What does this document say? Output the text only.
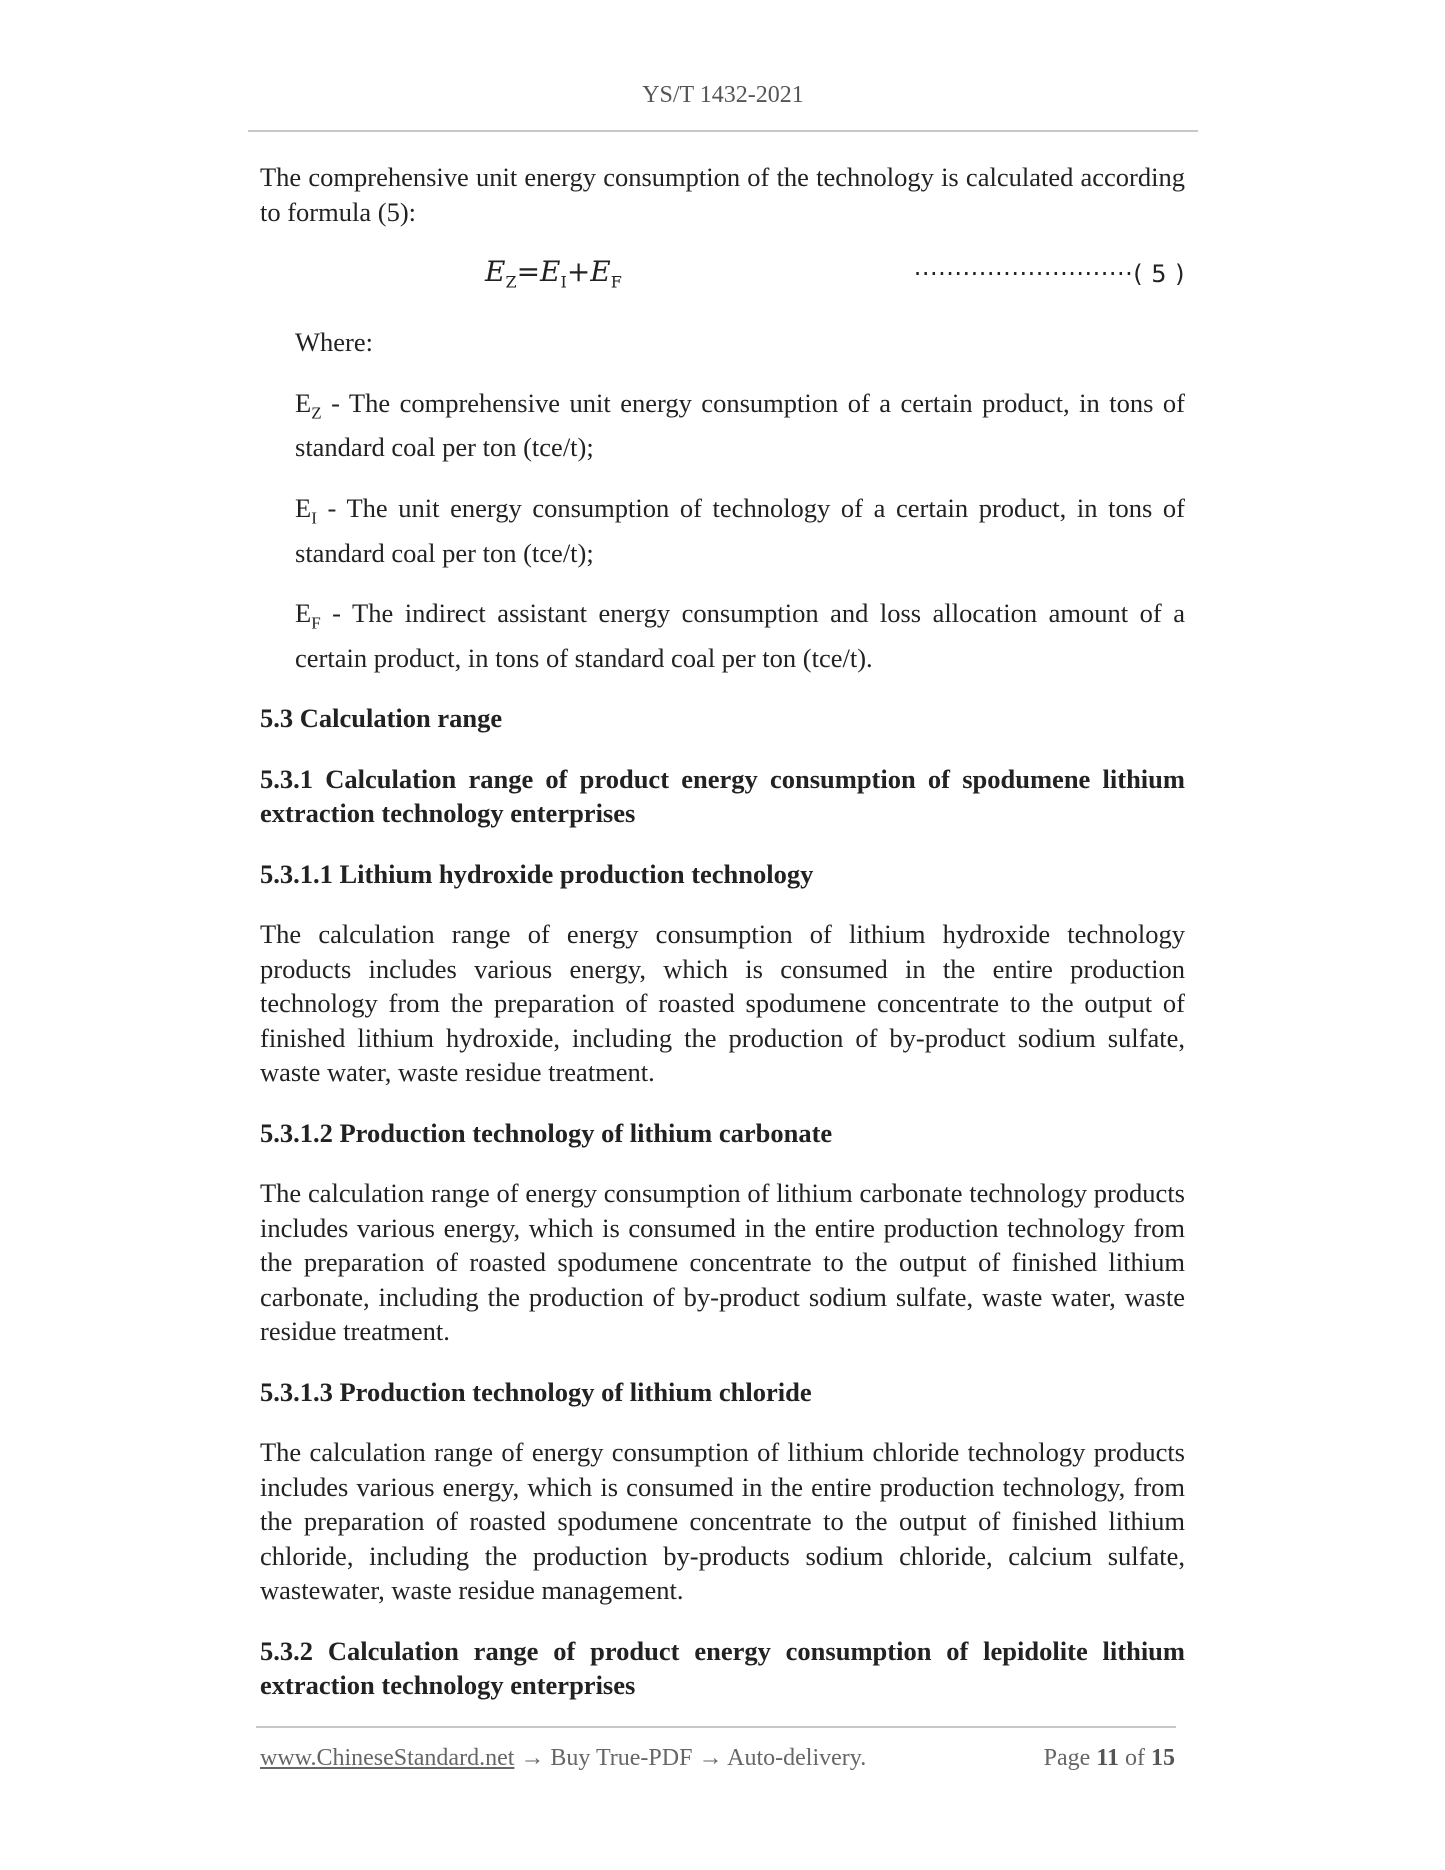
YS/T 1432-2021

The comprehensive unit energy consumption of the technology is calculated according to formula (5):

$E_Z=E_I+E_F$	···························( 5 )

Where:

$E_Z$ - The comprehensive unit energy consumption of a certain product, in tons of standard coal per ton (tce/t);

$E_I$ - The unit energy consumption of technology of a certain product, in tons of standard coal per ton (tce/t);

$E_F$ - The indirect assistant energy consumption and loss allocation amount of a certain product, in tons of standard coal per ton (tce/t).

5.3 Calculation range

5.3.1 Calculation range of product energy consumption of spodumene lithium extraction technology enterprises

5.3.1.1 Lithium hydroxide production technology

The calculation range of energy consumption of lithium hydroxide technology products includes various energy, which is consumed in the entire production technology from the preparation of roasted spodumene concentrate to the output of finished lithium hydroxide, including the production of by-product sodium sulfate, waste water, waste residue treatment.

5.3.1.2 Production technology of lithium carbonate

The calculation range of energy consumption of lithium carbonate technology products includes various energy, which is consumed in the entire production technology from the preparation of roasted spodumene concentrate to the output of finished lithium carbonate, including the production of by-product sodium sulfate, waste water, waste residue treatment.

5.3.1.3 Production technology of lithium chloride

The calculation range of energy consumption of lithium chloride technology products includes various energy, which is consumed in the entire production technology, from the preparation of roasted spodumene concentrate to the output of finished lithium chloride, including the production by-products sodium chloride, calcium sulfate, wastewater, waste residue management.

5.3.2 Calculation range of product energy consumption of lepidolite lithium extraction technology enterprises

www.ChineseStandard.net → Buy True-PDF → Auto-delivery.	Page 11 of 15
